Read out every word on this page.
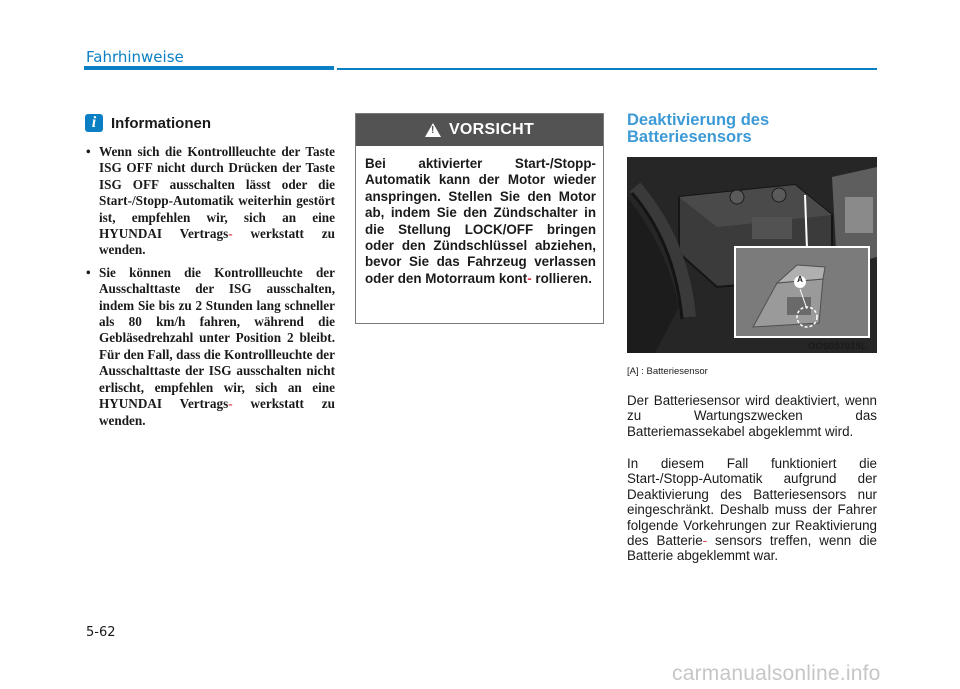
Fahrhinweise
i Informationen
• Wenn sich die Kontrollleuchte der Taste ISG OFF nicht durch Drücken der Taste ISG OFF ausschalten lässt oder die Start-/Stopp-Automatik weiterhin gestört ist, empfehlen wir, sich an eine HYUNDAI Vertrags- werkstatt zu wenden.
• Sie können die Kontrollleuchte der Ausschalttaste der ISG ausschalten, indem Sie bis zu 2 Stunden lang schneller als 80 km/h fahren, während die Gebläsedrehzahl unter Position 2 bleibt. Für den Fall, dass die Kontrollleuchte der Ausschalttaste der ISG ausschalten nicht erlischt, empfehlen wir, sich an eine HYUNDAI Vertrags- werkstatt zu wenden.
!
VORSICHT
Bei aktivierter Start-/Stopp-Automatik kann der Motor wieder anspringen. Stellen Sie den Motor ab, indem Sie den Zündschalter in die Stellung LOCK/OFF bringen oder den Zündschlüssel abziehen, bevor Sie das Fahrzeug verlassen oder den Motorraum kont- rollieren.
Deaktivierung des Batteriesensors
A
OOS057015L
[A] : Batteriesensor

Der Batteriesensor wird deaktiviert, wenn zu Wartungszwecken das Batteriemassekabel abgeklemmt wird.

In diesem Fall funktioniert die Start-/Stopp-Automatik aufgrund der Deaktivierung des Batteriesensors nur eingeschränkt. Deshalb muss der Fahrer folgende Vorkehrungen zur Reaktivierung des Batterie- sensors treffen, wenn die Batterie abgeklemmt war.

5-62
carmanualsonline.info
